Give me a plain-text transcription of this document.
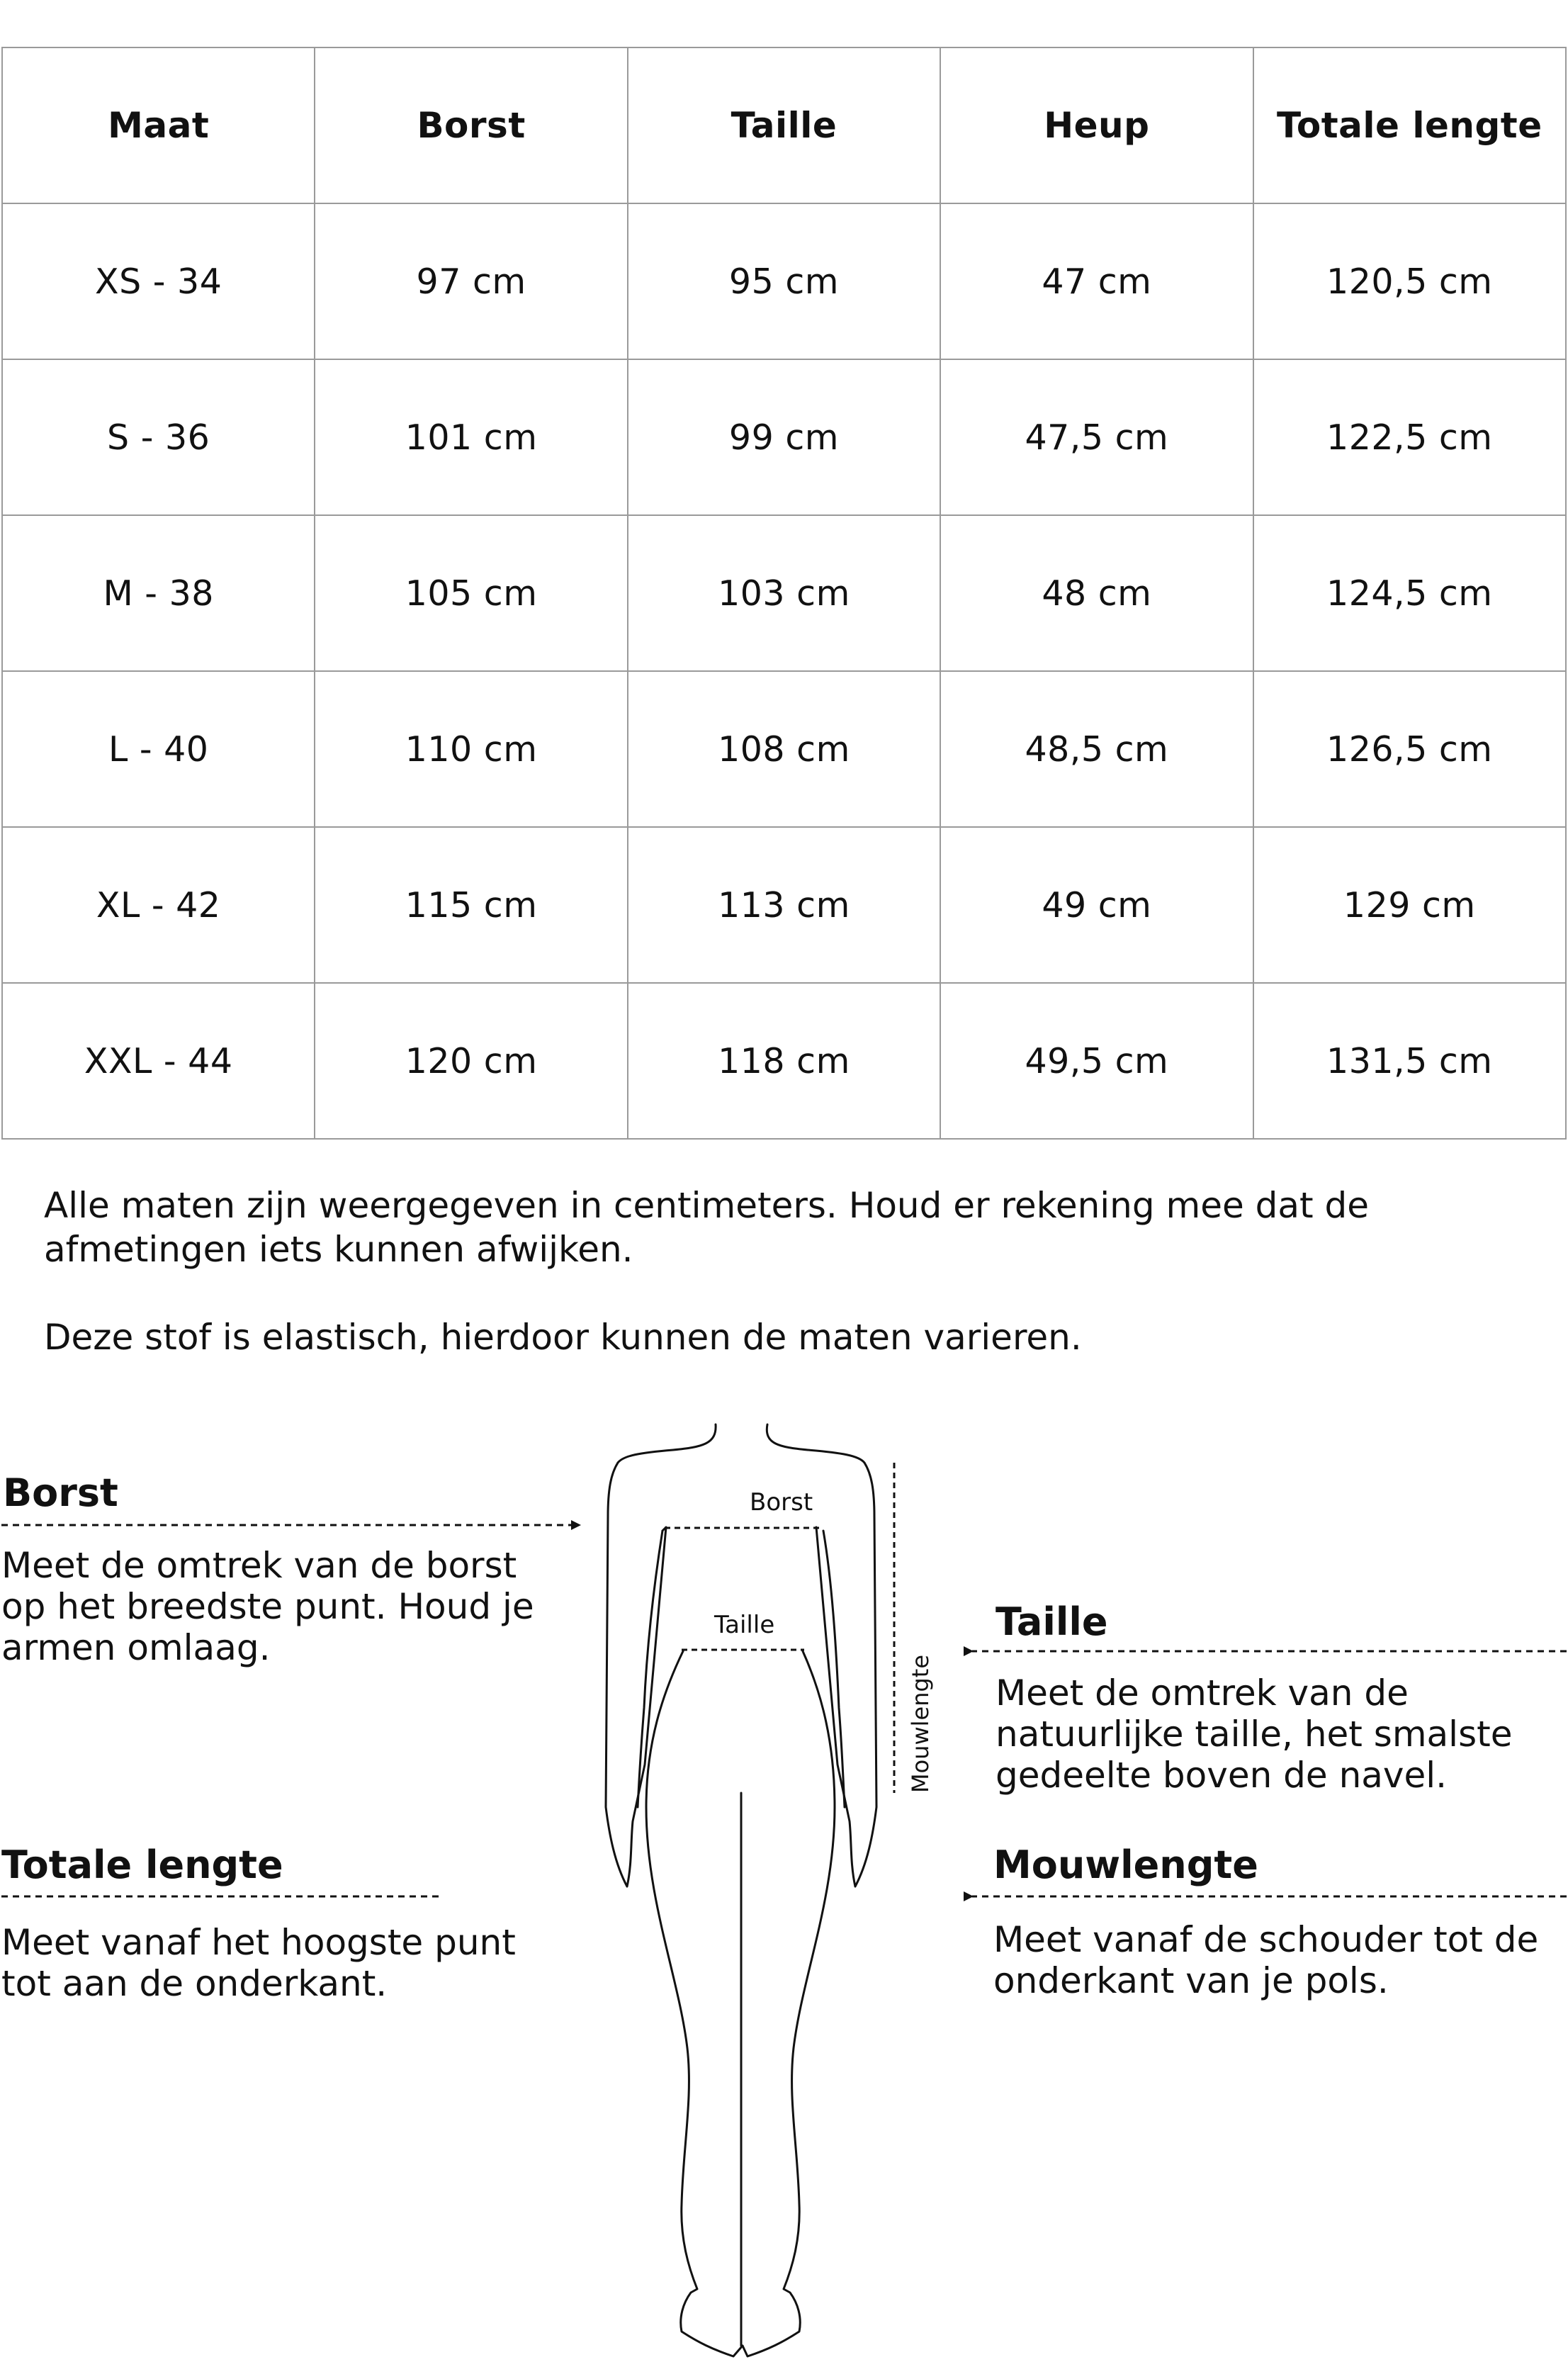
Maat	Borst	Taille	Heup	Totale lengte
XS - 34	97 cm	95 cm	47 cm	120,5 cm
S - 36	101 cm	99 cm	47,5 cm	122,5 cm
M - 38	105 cm	103 cm	48 cm	124,5 cm
L - 40	110 cm	108 cm	48,5 cm	126,5 cm
XL - 42	115 cm	113 cm	49 cm	129 cm
XXL - 44	120 cm	118 cm	49,5 cm	131,5 cm

Alle maten zijn weergegeven in centimeters. Houd er rekening mee dat de afmetingen iets kunnen afwijken.

Deze stof is elastisch, hierdoor kunnen de maten varieren.

Borst
Meet de omtrek van de borst op het breedste punt. Houd je armen omlaag.
Taille
Meet de omtrek van de natuurlijke taille, het smalste gedeelte boven de navel.
Totale lengte
Meet vanaf het hoogste punt tot aan de onderkant.
Mouwlengte
Meet vanaf de schouder tot de onderkant van je pols.
Borst
Taille
Mouwlengte
